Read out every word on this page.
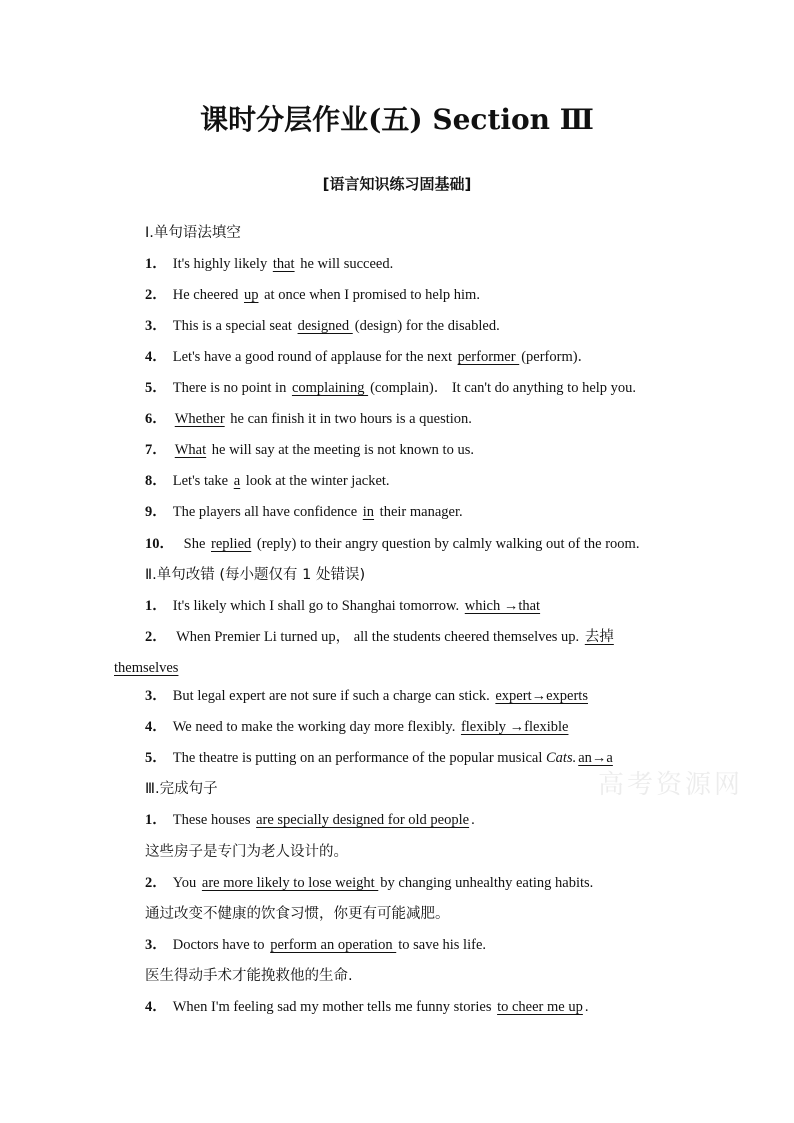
课时分层作业(五) Section Ⅲ
[语言知识练习固基础]
Ⅰ.单句语法填空
1． It's highly likely that he will succeed.
2． He cheered up at once when I promised to help him.
3． This is a special seat designed (design) for the disabled.
4． Let's have a good round of applause for the next performer (perform)．
5． There is no point in complaining (complain)． It can't do anything to help you.
6． Whether he can finish it in two hours is a question.
7． What he will say at the meeting is not known to us.
8． Let's take a look at the winter jacket.
9． The players all have confidence in their manager.
10． She replied (reply) to their angry question by calmly walking out of the room.
Ⅱ.单句改错 (每小题仅有 1 处错误)
1． It's likely which I shall go to Shanghai tomorrow. which →that
2． When Premier Li turned up， all the students cheered themselves up. 去掉
themselves
3． But legal expert are not sure if such a charge can stick. expert→experts
4． We need to make the working day more flexibly. flexibly →flexible
5． The theatre is putting on an performance of the popular musical Cats. an→a
Ⅲ.完成句子
1． These houses are specially designed for old people .
这些房子是专门为老人设计的。
2． You are more likely to lose weight by changing unhealthy eating habits.
通过改变不健康的饮食习惯，你更有可能减肥。
3． Doctors have to perform an operation to save his life.
医生得动手术才能挽救他的生命.
4． When I'm feeling sad my mother tells me funny stories to cheer me up .
高考资源网
